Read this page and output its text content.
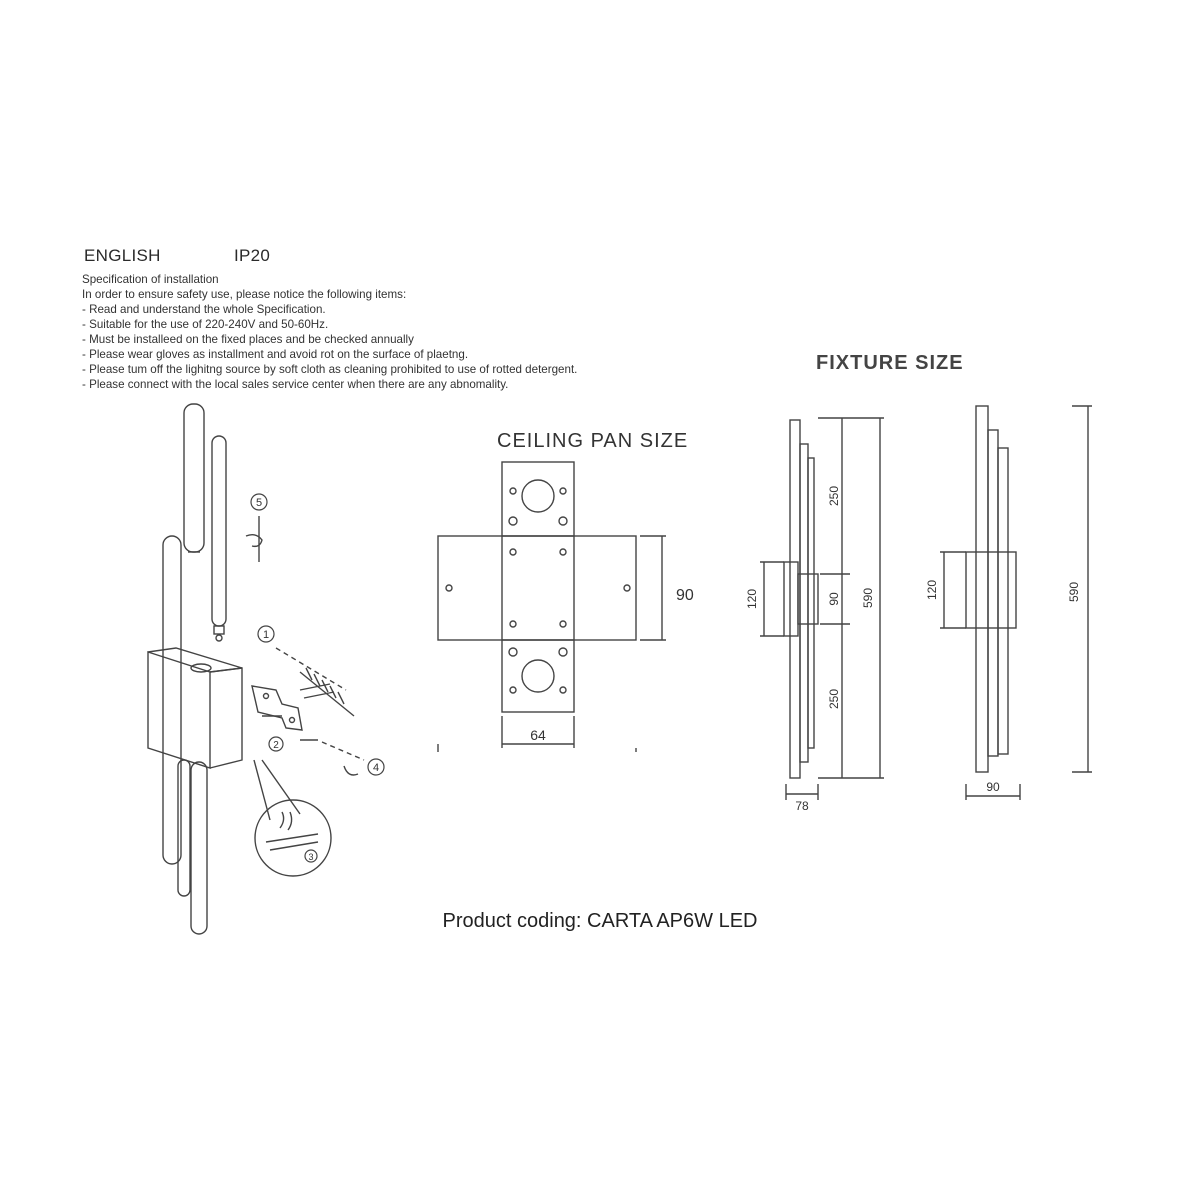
ENGLISH	IP20
Specification of installation
In order to ensure safety use, please notice the following items:
- Read and understand the whole Specification.
- Suitable for the use of 220-240V and 50-60Hz.
- Must be installeed on the fixed places and be checked annually
- Please wear gloves as installment and avoid rot on the surface of plaetng.
- Please tum off the lighitng source by soft cloth as cleaning prohibited to use of rotted detergent.
- Please connect with the local sales service center when there are any abnomality.
CEILING PAN SIZE
FIXTURE SIZE
5
1
2
3
4
90
64
120
250
90
250
590
78
120	590
90
Product coding: CARTA AP6W LED
